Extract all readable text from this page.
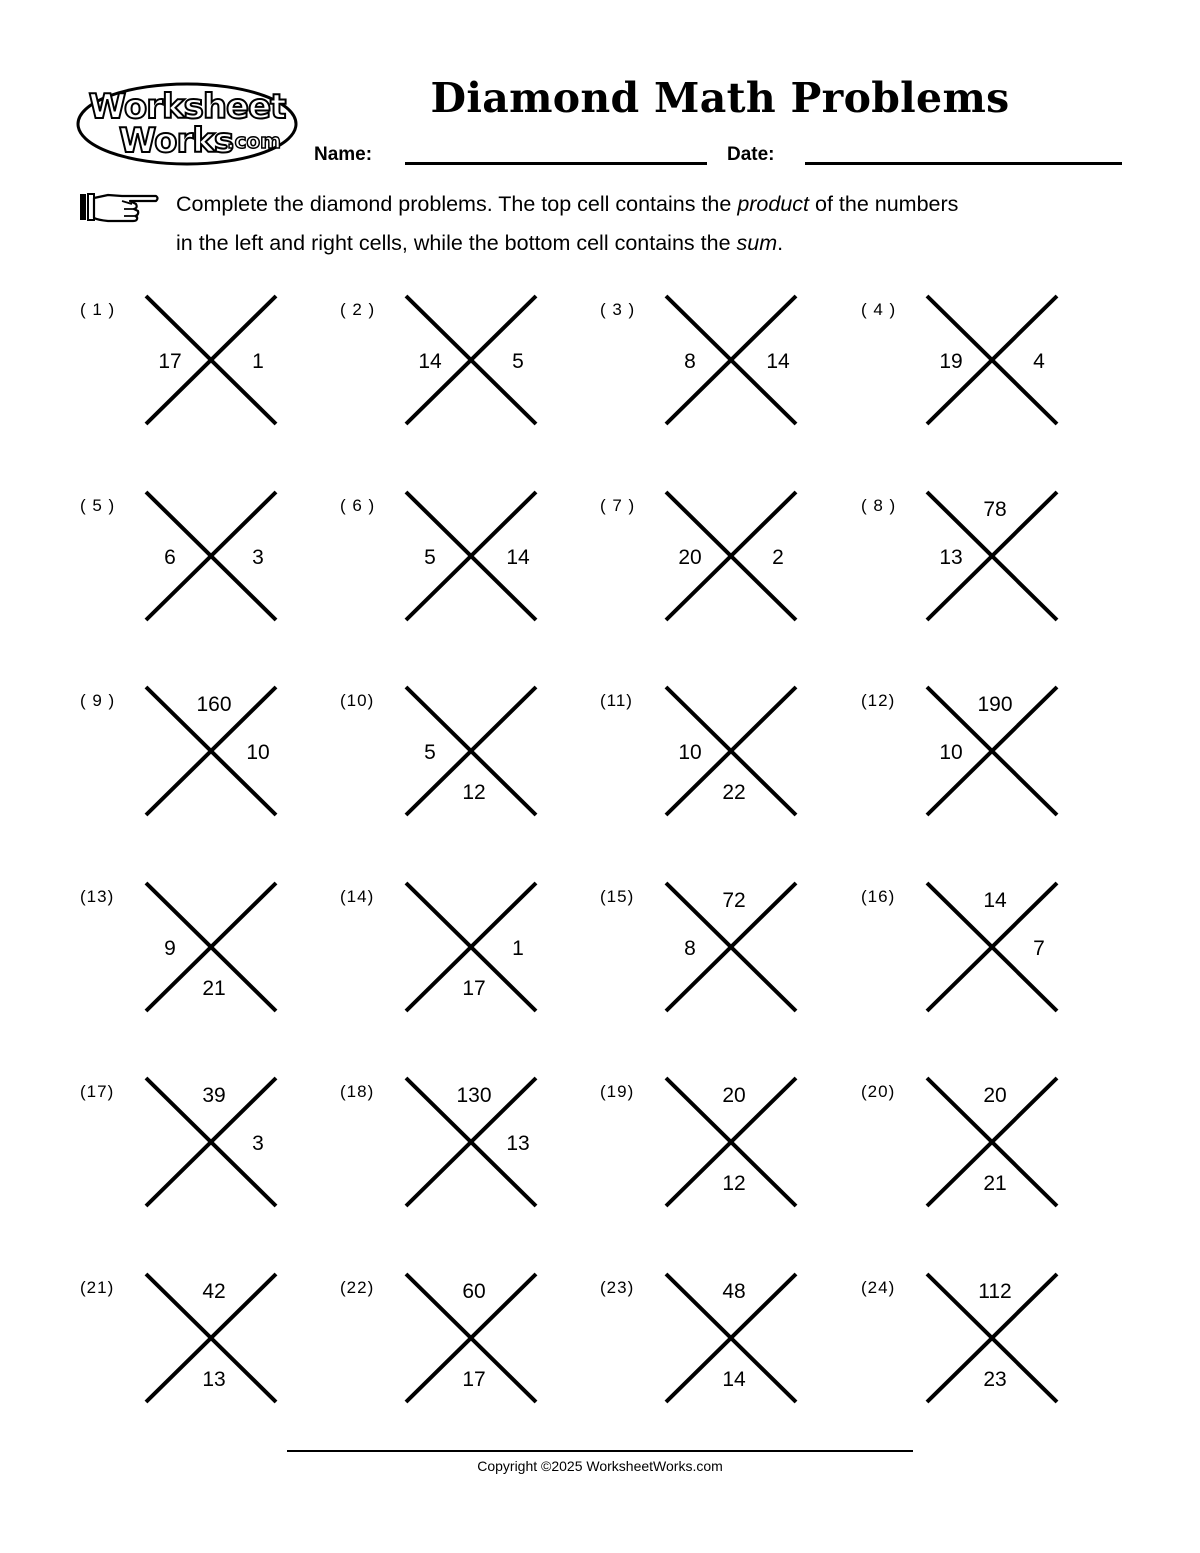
Worksheet
Works
.com
Diamond Math Problems
Name:	Date:

Complete the diamond problems. The top cell contains the product of the numbers

in the left and right cells, while the bottom cell contains the sum.

( 1 )
17	1
( 2 )
14	5
( 3 )
8	14
( 4 )
19	4
( 5 )
6	3
( 6 )
5	14
( 7 )
20	2
( 8 )	78
13
( 9 )	160
10
(10)
5
12
(11)
10
22
(12)	190
10
(13)
9
21
(14)
1
17
(15)	72
8
(16)	14
7
(17)	39
3
(18)	130
13
(19)	20
12
(20)	20
21
(21)	42
13
(22)	60
17
(23)	48
14
(24)	112
23
Copyright ©2025 WorksheetWorks.com
